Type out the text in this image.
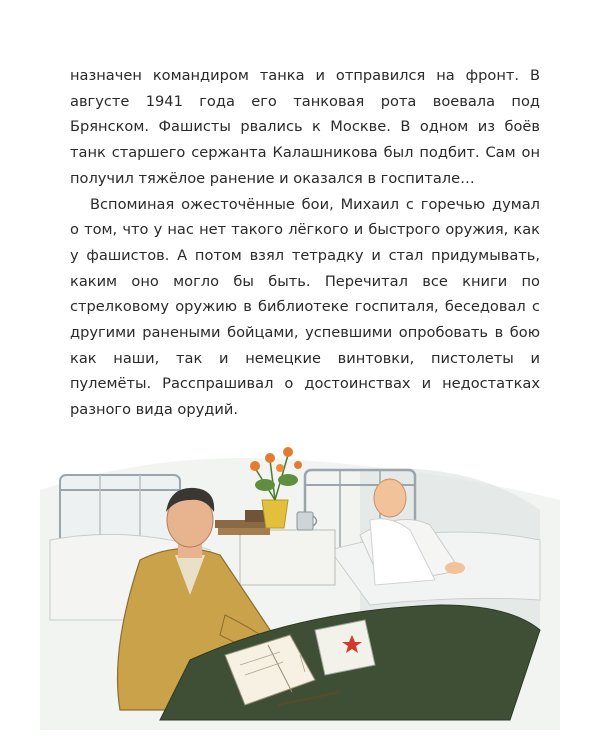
назначен командиром танка и отправился на фронт. В августе 1941 года его танковая рота воевала под Брянском. Фашисты рвались к Москве. В одном из боёв танк старшего сержанта Калашникова был подбит. Сам он получил тяжёлое ранение и оказался в госпитале…

Вспоминая ожесточённые бои, Михаил с горечью думал о том, что у нас нет такого лёгкого и быстрого оружия, как у фашистов. А потом взял тетрадку и стал придумывать, каким оно могло бы быть. Перечитал все книги по стрелковому оружию в библиотеке госпиталя, беседовал с другими ранеными бойцами, успевшими опробовать в бою как наши, так и немецкие винтовки, пистолеты и пулемёты. Расспрашивал о достоинствах и недостатках разного вида орудий.
